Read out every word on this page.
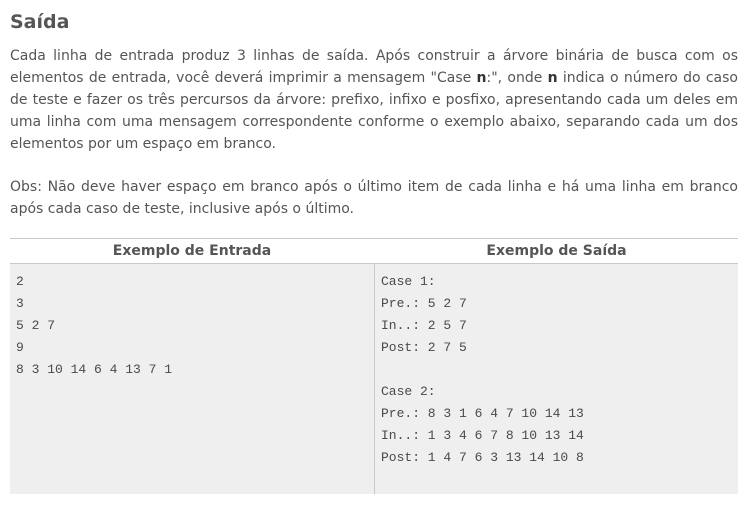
Saída

Cada linha de entrada produz 3 linhas de saída. Após construir a árvore binária de busca com os elementos de entrada, você deverá imprimir a mensagem "Case n:", onde n indica o número do caso de teste e fazer os três percursos da árvore: prefixo, infixo e posfixo, apresentando cada um deles em uma linha com uma mensagem correspondente conforme o exemplo abaixo, separando cada um dos elementos por um espaço em branco.

Obs: Não deve haver espaço em branco após o último item de cada linha e há uma linha em branco após cada caso de teste, inclusive após o último.

Exemplo de Entrada	Exemplo de Saída
2
3
5 2 7
9
8 3 10 14 6 4 13 7 1
Case 1:
Pre.: 5 2 7
In..: 2 5 7
Post: 2 7 5
Case 2:
Pre.: 8 3 1 6 4 7 10 14 13
In..: 1 3 4 6 7 8 10 13 14
Post: 1 4 7 6 3 13 14 10 8
